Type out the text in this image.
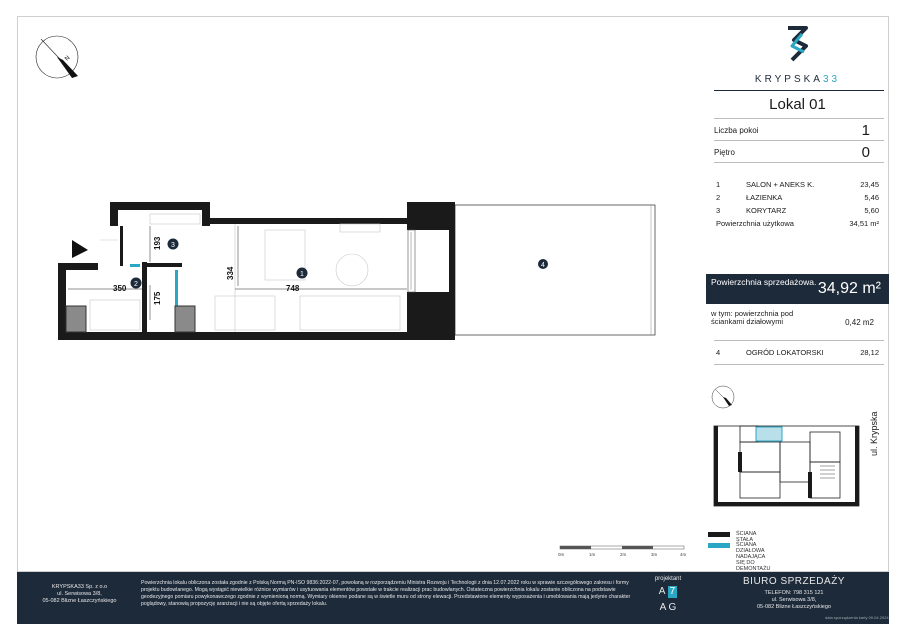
N
350	748
334
193
175
1
2
3
4
0m	1m	2m	3m	4m
KRYPSKA33
Lokal 01
Liczba pokoi	1
Piętro	0
1	SALON + ANEKS K.	23,45
2	ŁAZIENKA	5,46
3	KORYTARZ	5,60
Powierzchnia użytkowa	34,51 m²
Powierzchnia sprzedażowa. 34,92 m²
w tym: powierzchnia pod ściankami działowymi	0,42 m2
4	OGRÓD LOKATORSKI	28,12
ul. Krypska
ŚCIANA STAŁA
ŚCIANA DZIAŁOWA NADAJĄCA SIĘ DO DEMONTAŻU
KRYPSKA33 Sp. z o.o
ul. Serwisowa 3/8,
05-082 Blizne Łaszczyńskiego
Powierzchnia lokalu obliczona została zgodnie z Polską Normą PN-ISO 9836:2022-07, powołaną w rozporządzeniu Ministra Rozwoju i Technologii z dnia 12.07.2022 roku w sprawie szczegółowego zakresu i formy projektu budowlanego. Mogą wystąpić niewielkie różnice wymiarów i usytuowania elementów powstałe w trakcie realizacji prac budowlanych. Ostateczna powierzchnia lokalu zostanie obliczona na podstawie geodezyjnego pomiaru powykonawczego zgodnie z wymienioną normą. Wymiary okienne podane są w świetle muru od strony elewacji. Przedstawione elementy wyposażenia i umeblowania mają jedynie charakter poglądowy, stanowią propozycję aranżacji i nie są objęte ofertą sprzedaży lokalu.
projektant
A 7
A G
BIURO SPRZEDAŻY
TELEFON: 798 315 121
ul. Serwisowa 3/8,
05-082 Blizne Łaszczyńskiego
data sporządzenia karty 09.04.2024
